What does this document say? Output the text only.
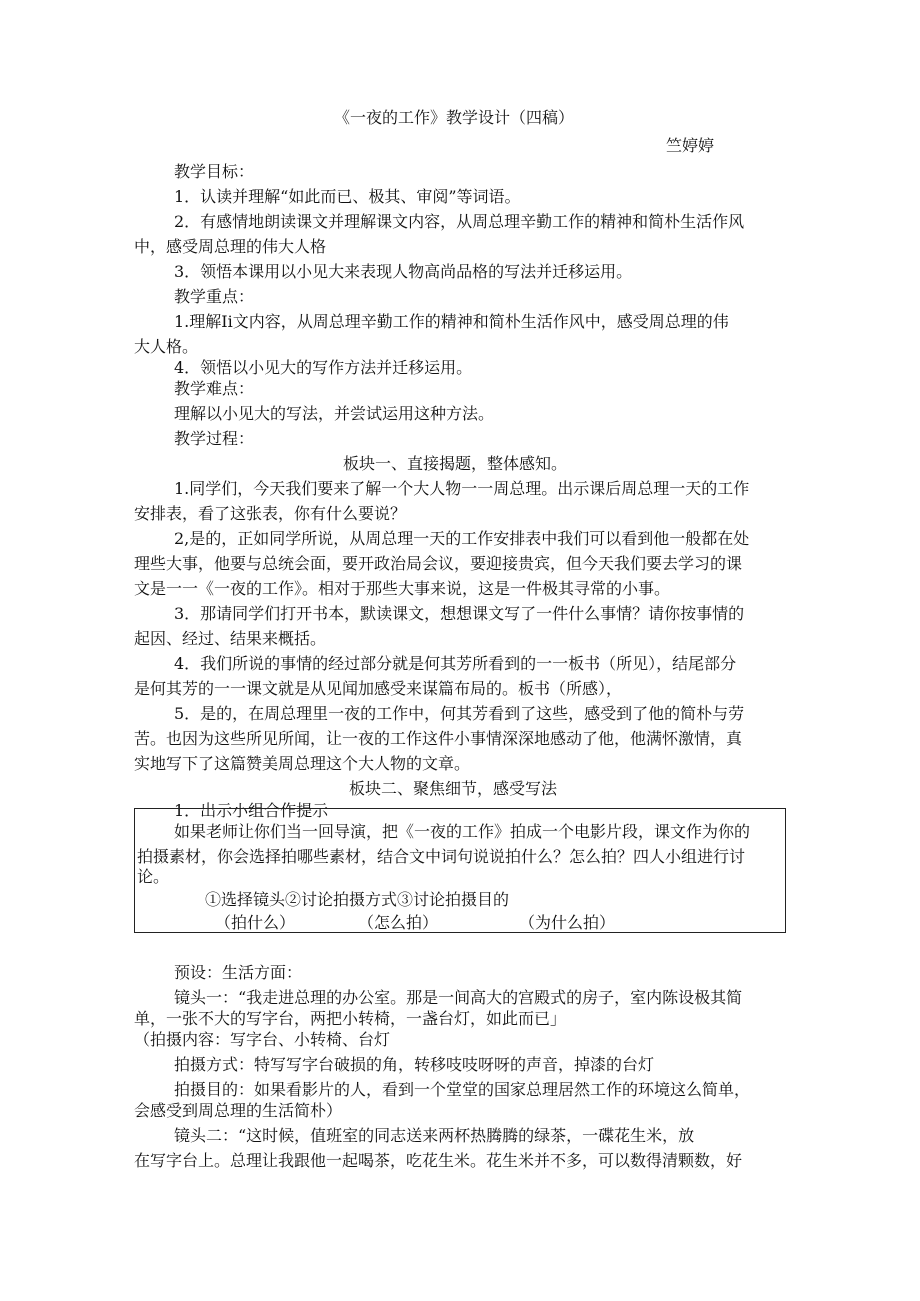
《一夜的工作》教学设计（四稿）
竺婷婷
教学目标：
1．认读并理解“如此而已、极其、审阅”等词语。
2．有感情地朗读课文并理解课文内容，从周总理辛勤工作的精神和简朴生活作风
中，感受周总理的伟大人格
3．领悟本课用以小见大来表现人物高尚品格的写法并迁移运用。
教学重点：
1.理解Ii文内容，从周总理辛勤工作的精神和简朴生活作风中，感受周总理的伟
大人格。
4．领悟以小见大的写作方法并迁移运用。
教学难点：
理解以小见大的写法，并尝试运用这种方法。
教学过程：
板块一、直接揭题，整体感知。
1.同学们，今天我们要来了解一个大人物一一周总理。出示课后周总理一天的工作
安排表，看了这张表，你有什么要说？
2,是的，正如同学所说，从周总理一天的工作安排表中我们可以看到他一般都在处
理些大事，他要与总统会面，要开政治局会议，要迎接贵宾，但今天我们要去学习的课
文是一一《一夜的工作》。相对于那些大事来说，这是一件极其寻常的小事。
3．那请同学们打开书本，默读课文，想想课文写了一件什么事情？请你按事情的
起因、经过、结果来概括。
4．我们所说的事情的经过部分就是何其芳所看到的一一板书（所见），结尾部分
是何其芳的一一课文就是从见闻加感受来谋篇布局的。板书（所感），
5．是的，在周总理里一夜的工作中，何其芳看到了这些，感受到了他的简朴与劳
苦。也因为这些所见所闻，让一夜的工作这件小事情深深地感动了他，他满怀激情，真
实地写下了这篇赞美周总理这个大人物的文章。
板块二、聚焦细节，感受写法
1．出示小组合作提示
如果老师让你们当一回导演，把《一夜的工作》拍成一个电影片段，课文作为你的
拍摄素材，你会选择拍哪些素材，结合文中词句说说拍什么？怎么拍？四人小组进行讨
论。
①选择镜头②讨论拍摄方式③讨论拍摄目的
（拍什么）	（怎么拍）	（为什么拍）
预设：生活方面：
镜头一：“我走进总理的办公室。那是一间高大的宫殿式的房子，室内陈设极其简
单，一张不大的写字台，两把小转椅，一盏台灯，如此而已」
（拍摄内容：写字台、小转椅、台灯
拍摄方式：特写写字台破损的角，转移吱吱呀呀的声音，掉漆的台灯
拍摄目的：如果看影片的人，看到一个堂堂的国家总理居然工作的环境这么简单，
会感受到周总理的生活简朴）
镜头二：“这时候，值班室的同志送来两杯热腾腾的绿茶，一碟花生米，放
在写字台上。总理让我跟他一起喝茶，吃花生米。花生米并不多，可以数得清颗数，好
